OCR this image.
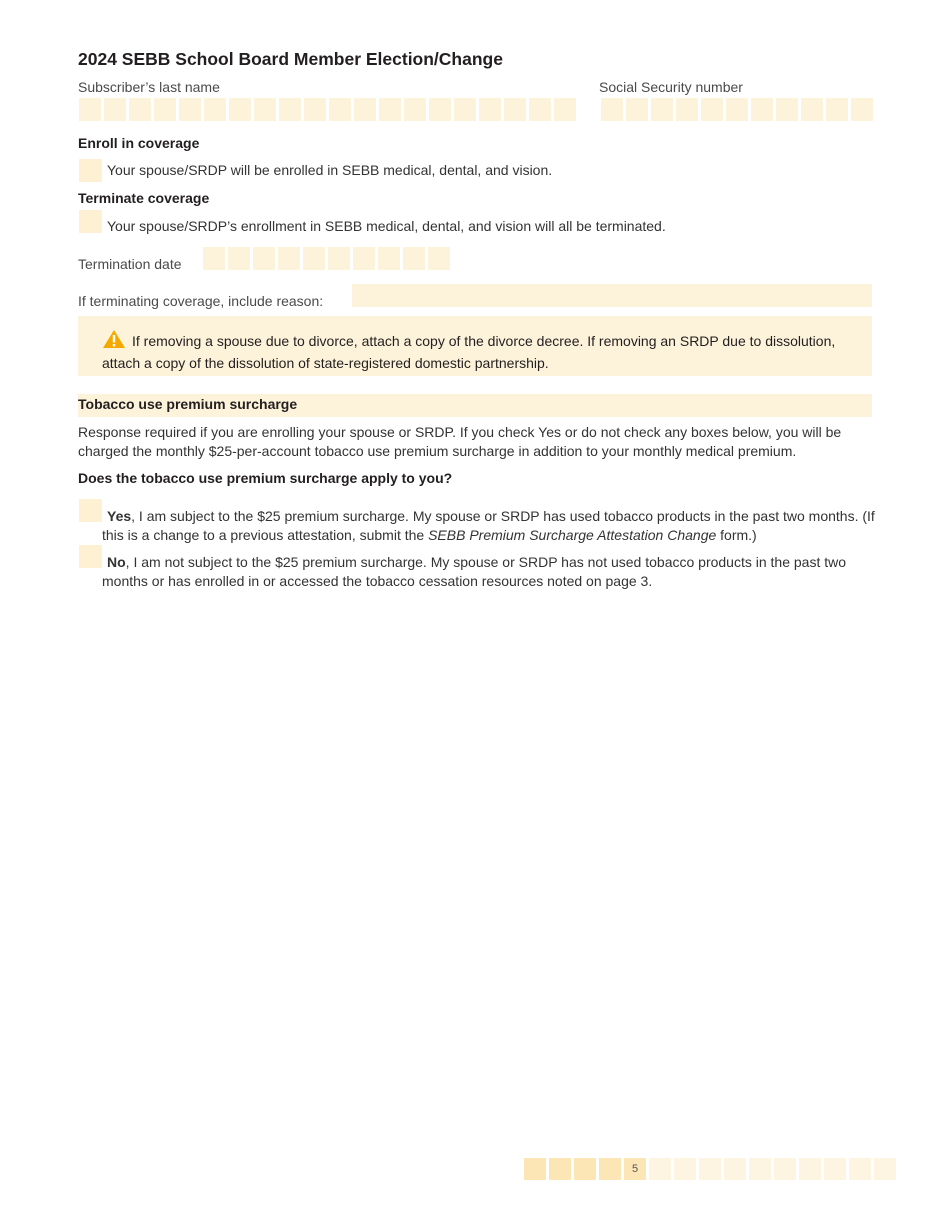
2024 SEBB School Board Member Election/Change
Subscriber’s last name	Social Security number
Enroll in coverage
Your spouse/SRDP will be enrolled in SEBB medical, dental, and vision.
Terminate coverage
Your spouse/SRDP’s enrollment in SEBB medical, dental, and vision will all be terminated.
Termination date
If terminating coverage, include reason:
If removing a spouse due to divorce, attach a copy of the divorce decree. If removing an SRDP due to dissolution, attach a copy of the dissolution of state-registered domestic partnership.
Tobacco use premium surcharge
Response required if you are enrolling your spouse or SRDP. If you check Yes or do not check any boxes below, you will be charged the monthly $25-per-account tobacco use premium surcharge in addition to your monthly medical premium.
Does the tobacco use premium surcharge apply to you?
Yes, I am subject to the $25 premium surcharge. My spouse or SRDP has used tobacco products in the past two months. (If this is a change to a previous attestation, submit the SEBB Premium Surcharge Attestation Change form.)
No, I am not subject to the $25 premium surcharge. My spouse or SRDP has not used tobacco products in the past two months or has enrolled in or accessed the tobacco cessation resources noted on page 3.
5
